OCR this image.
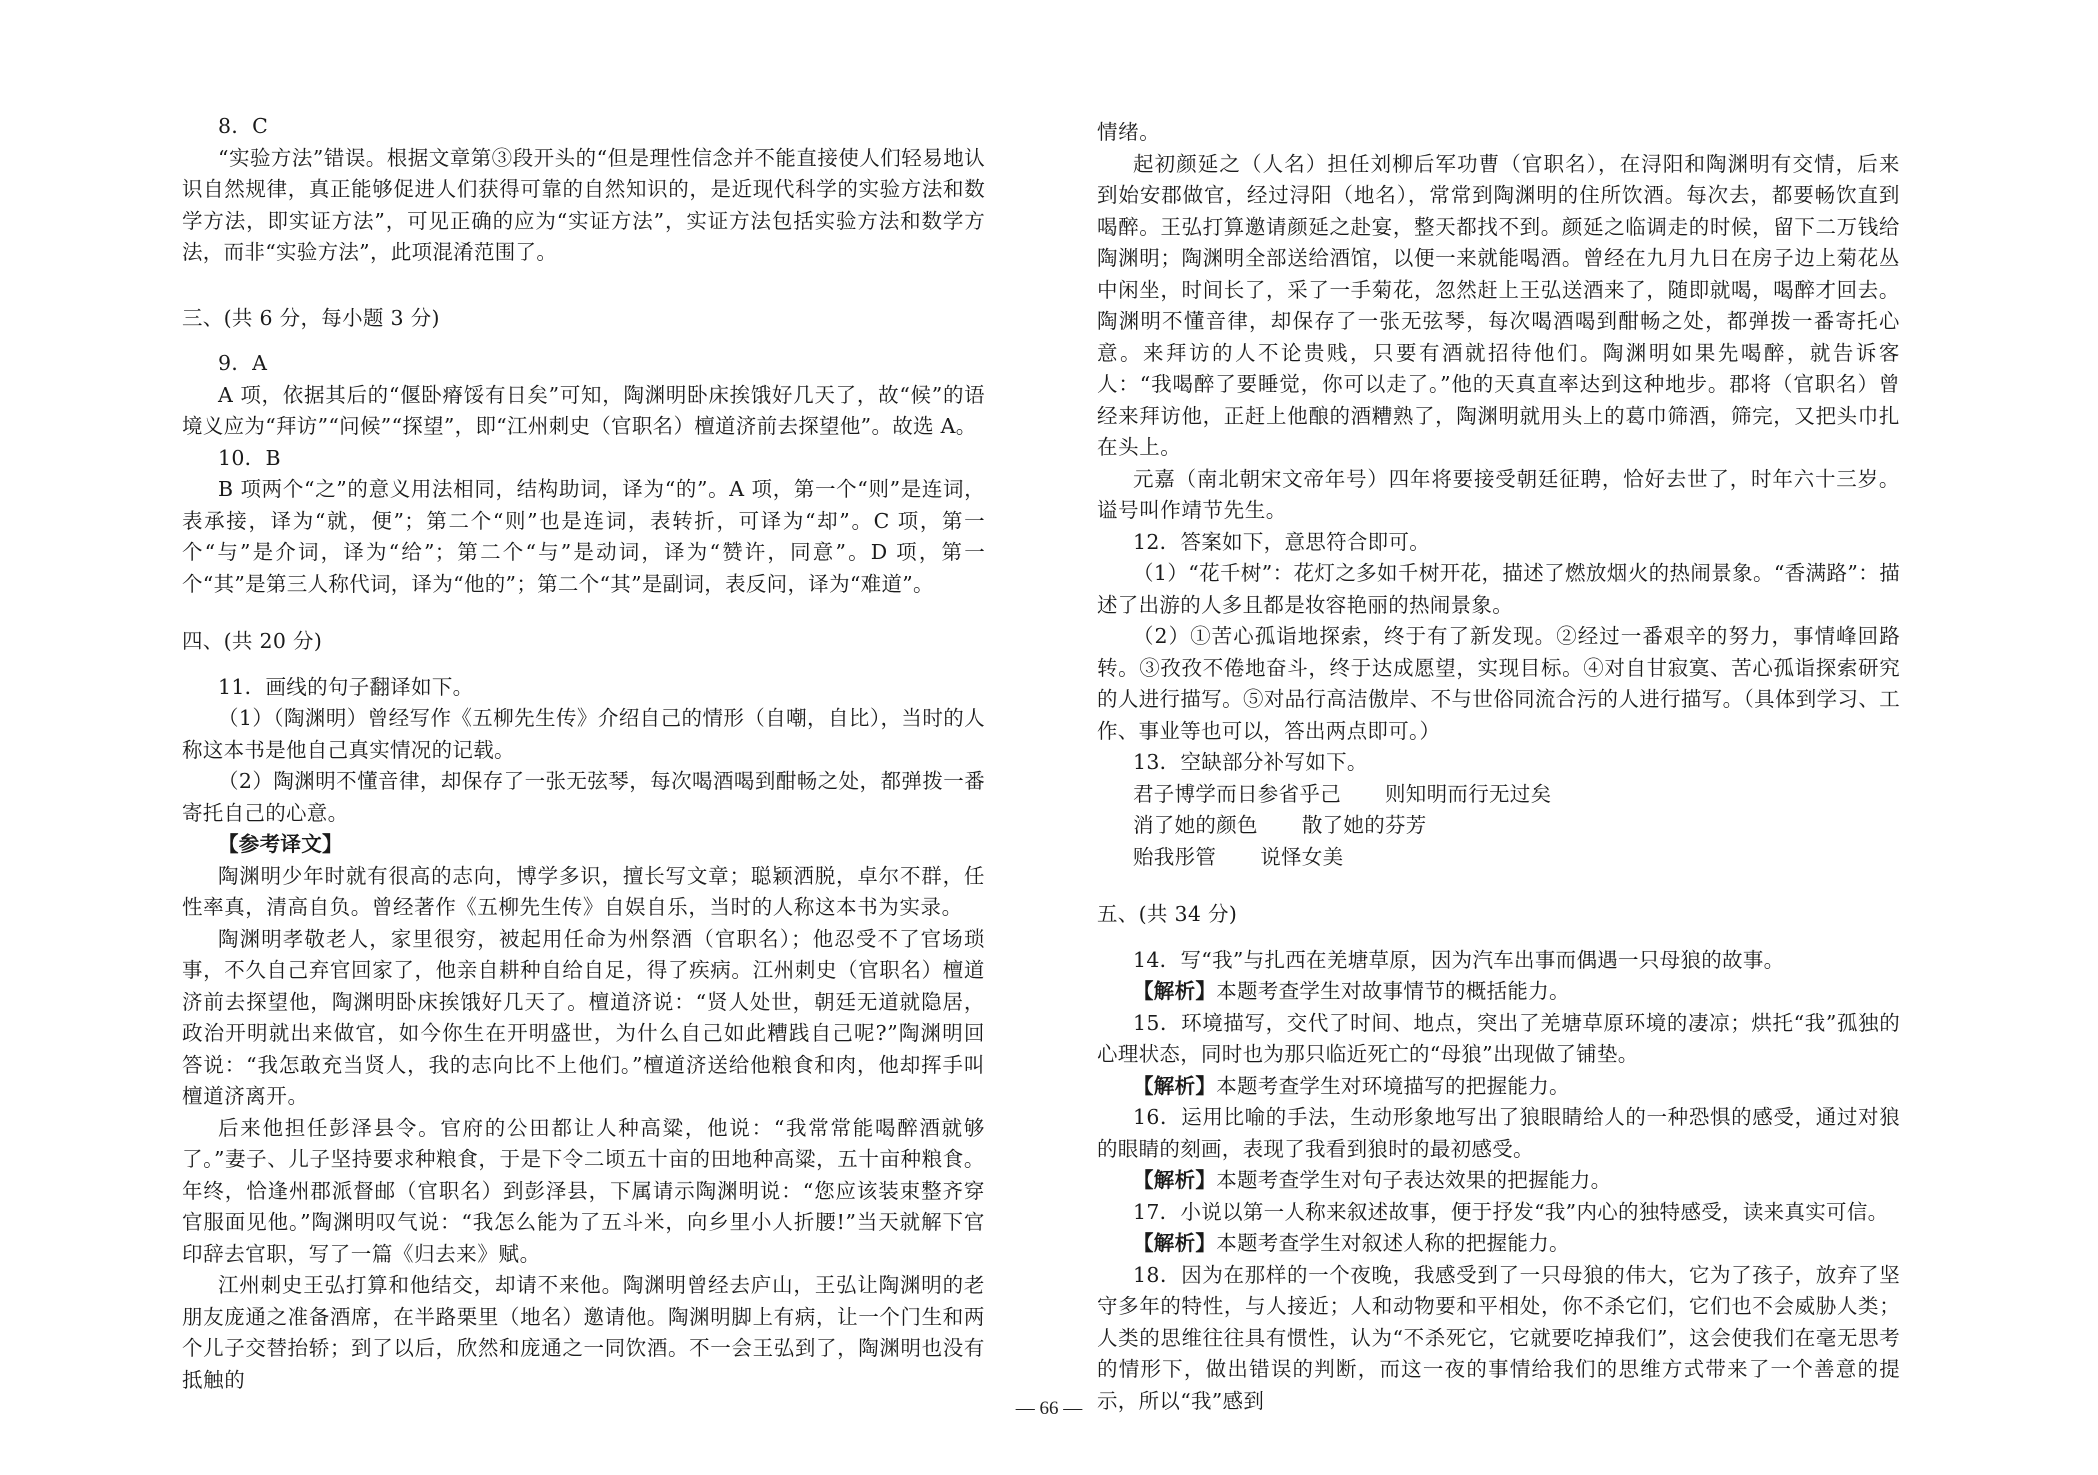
8．C

“实验方法”错误。根据文章第③段开头的“但是理性信念并不能直接使人们轻易地认识自然规律，真正能够促进人们获得可靠的自然知识的，是近现代科学的实验方法和数学方法，即实证方法”，可见正确的应为“实证方法”，实证方法包括实验方法和数学方法，而非“实验方法”，此项混淆范围了。

三、(共 6 分，每小题 3 分)

9．A

A 项，依据其后的“偃卧瘠馁有日矣”可知，陶渊明卧床挨饿好几天了，故“候”的语境义应为“拜访”“问候”“探望”，即“江州刺史（官职名）檀道济前去探望他”。故选 A。

10．B

B 项两个“之”的意义用法相同，结构助词，译为“的”。A 项，第一个“则”是连词，表承接，译为“就，便”；第二个“则”也是连词，表转折，可译为“却”。C 项，第一个“与”是介词，译为“给”；第二个“与”是动词，译为“赞许，同意”。D 项，第一个“其”是第三人称代词，译为“他的”；第二个“其”是副词，表反问，译为“难道”。

四、(共 20 分)

11．画线的句子翻译如下。

（1）（陶渊明）曾经写作《五柳先生传》介绍自己的情形（自嘲，自比），当时的人称这本书是他自己真实情况的记载。

（2）陶渊明不懂音律，却保存了一张无弦琴，每次喝酒喝到酣畅之处，都弹拨一番寄托自己的心意。

【参考译文】

陶渊明少年时就有很高的志向，博学多识，擅长写文章；聪颖洒脱，卓尔不群，任性率真，清高自负。曾经著作《五柳先生传》自娱自乐，当时的人称这本书为实录。

陶渊明孝敬老人，家里很穷，被起用任命为州祭酒（官职名）；他忍受不了官场琐事，不久自己弃官回家了，他亲自耕种自给自足，得了疾病。江州刺史（官职名）檀道济前去探望他，陶渊明卧床挨饿好几天了。檀道济说：“贤人处世，朝廷无道就隐居，政治开明就出来做官，如今你生在开明盛世，为什么自己如此糟践自己呢?”陶渊明回答说：“我怎敢充当贤人，我的志向比不上他们。”檀道济送给他粮食和肉，他却挥手叫檀道济离开。

后来他担任彭泽县令。官府的公田都让人种高粱，他说：“我常常能喝醉酒就够了。”妻子、儿子坚持要求种粮食，于是下令二顷五十亩的田地种高粱，五十亩种粮食。年终，恰逢州郡派督邮（官职名）到彭泽县，下属请示陶渊明说：“您应该装束整齐穿官服面见他。”陶渊明叹气说：“我怎么能为了五斗米，向乡里小人折腰!”当天就解下官印辞去官职，写了一篇《归去来》赋。

江州刺史王弘打算和他结交，却请不来他。陶渊明曾经去庐山，王弘让陶渊明的老朋友庞通之准备酒席，在半路栗里（地名）邀请他。陶渊明脚上有病，让一个门生和两个儿子交替抬轿；到了以后，欣然和庞通之一同饮酒。不一会王弘到了，陶渊明也没有抵触的

情绪。

起初颜延之（人名）担任刘柳后军功曹（官职名），在浔阳和陶渊明有交情，后来到始安郡做官，经过浔阳（地名），常常到陶渊明的住所饮酒。每次去，都要畅饮直到喝醉。王弘打算邀请颜延之赴宴，整天都找不到。颜延之临调走的时候，留下二万钱给陶渊明；陶渊明全部送给酒馆，以便一来就能喝酒。曾经在九月九日在房子边上菊花丛中闲坐，时间长了，采了一手菊花，忽然赶上王弘送酒来了，随即就喝，喝醉才回去。陶渊明不懂音律，却保存了一张无弦琴，每次喝酒喝到酣畅之处，都弹拨一番寄托心意。来拜访的人不论贵贱，只要有酒就招待他们。陶渊明如果先喝醉，就告诉客人：“我喝醉了要睡觉，你可以走了。”他的天真直率达到这种地步。郡将（官职名）曾经来拜访他，正赶上他酿的酒糟熟了，陶渊明就用头上的葛巾筛酒，筛完，又把头巾扎在头上。

元嘉（南北朝宋文帝年号）四年将要接受朝廷征聘，恰好去世了，时年六十三岁。谥号叫作靖节先生。

12．答案如下，意思符合即可。

（1）“花千树”：花灯之多如千树开花，描述了燃放烟火的热闹景象。“香满路”：描述了出游的人多且都是妆容艳丽的热闹景象。

（2）①苦心孤诣地探索，终于有了新发现。②经过一番艰辛的努力，事情峰回路转。③孜孜不倦地奋斗，终于达成愿望，实现目标。④对自甘寂寞、苦心孤诣探索研究的人进行描写。⑤对品行高洁傲岸、不与世俗同流合污的人进行描写。（具体到学习、工作、事业等也可以，答出两点即可。）

13．空缺部分补写如下。

君子博学而日参省乎己 则知明而行无过矣

消了她的颜色 散了她的芬芳

贻我彤管 说怿女美

五、(共 34 分)

14．写“我”与扎西在羌塘草原，因为汽车出事而偶遇一只母狼的故事。

【解析】本题考查学生对故事情节的概括能力。

15．环境描写，交代了时间、地点，突出了羌塘草原环境的凄凉；烘托“我”孤独的心理状态，同时也为那只临近死亡的“母狼”出现做了铺垫。

【解析】本题考查学生对环境描写的把握能力。

16．运用比喻的手法，生动形象地写出了狼眼睛给人的一种恐惧的感受，通过对狼的眼睛的刻画，表现了我看到狼时的最初感受。

【解析】本题考查学生对句子表达效果的把握能力。

17．小说以第一人称来叙述故事，便于抒发“我”内心的独特感受，读来真实可信。

【解析】本题考查学生对叙述人称的把握能力。

18．因为在那样的一个夜晚，我感受到了一只母狼的伟大，它为了孩子，放弃了坚守多年的特性，与人接近；人和动物要和平相处，你不杀它们，它们也不会威胁人类；人类的思维往往具有惯性，认为“不杀死它，它就要吃掉我们”，这会使我们在毫无思考的情形下，做出错误的判断，而这一夜的事情给我们的思维方式带来了一个善意的提示，所以“我”感到

— 66 —
